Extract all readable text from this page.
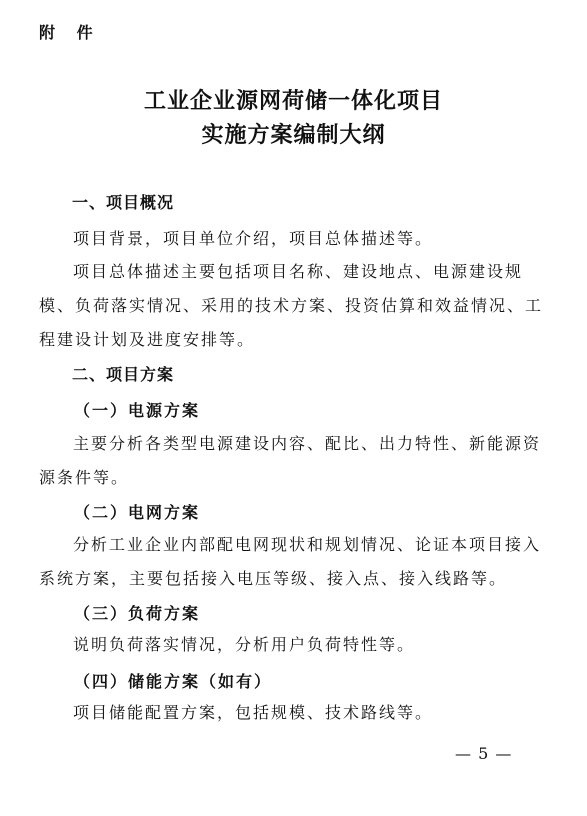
附 件
工业企业源网荷储一体化项目
实施方案编制大纲
一、项目概况

项目背景，项目单位介绍，项目总体描述等。

项目总体描述主要包括项目名称、建设地点、电源建设规模、负荷落实情况、采用的技术方案、投资估算和效益情况、工程建设计划及进度安排等。

二、项目方案
（一）电源方案

主要分析各类型电源建设内容、配比、出力特性、新能源资源条件等。

（二）电网方案

分析工业企业内部配电网现状和规划情况、论证本项目接入系统方案，主要包括接入电压等级、接入点、接入线路等。

（三）负荷方案

说明负荷落实情况，分析用户负荷特性等。

（四）储能方案（如有）

项目储能配置方案，包括规模、技术路线等。

— 5 —
